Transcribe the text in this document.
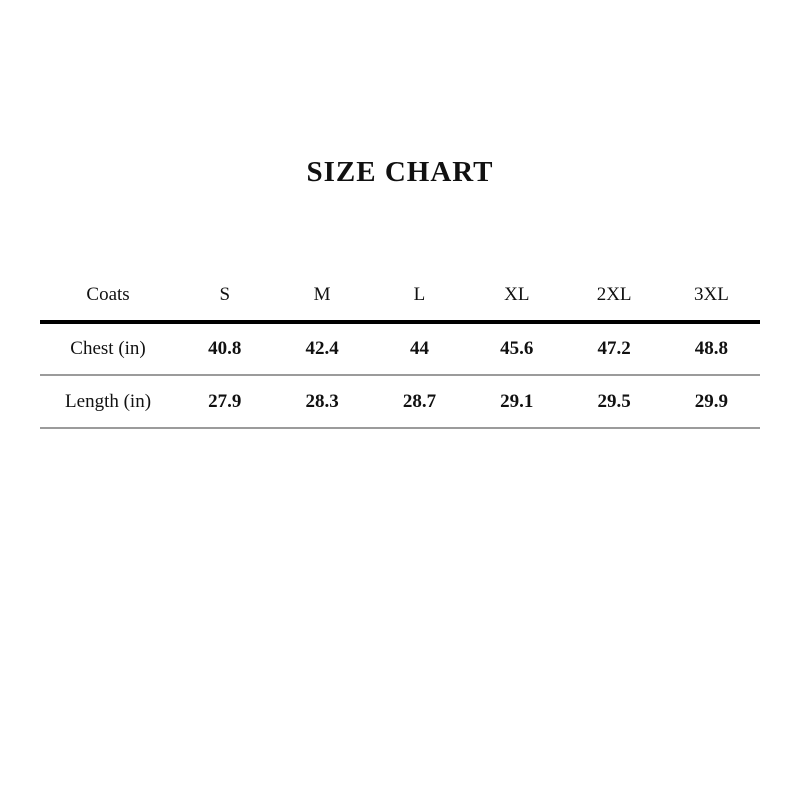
SIZE CHART
Coats	S	M	L	XL	2XL	3XL
Chest (in)	40.8	42.4	44	45.6	47.2	48.8
Length (in)	27.9	28.3	28.7	29.1	29.5	29.9
